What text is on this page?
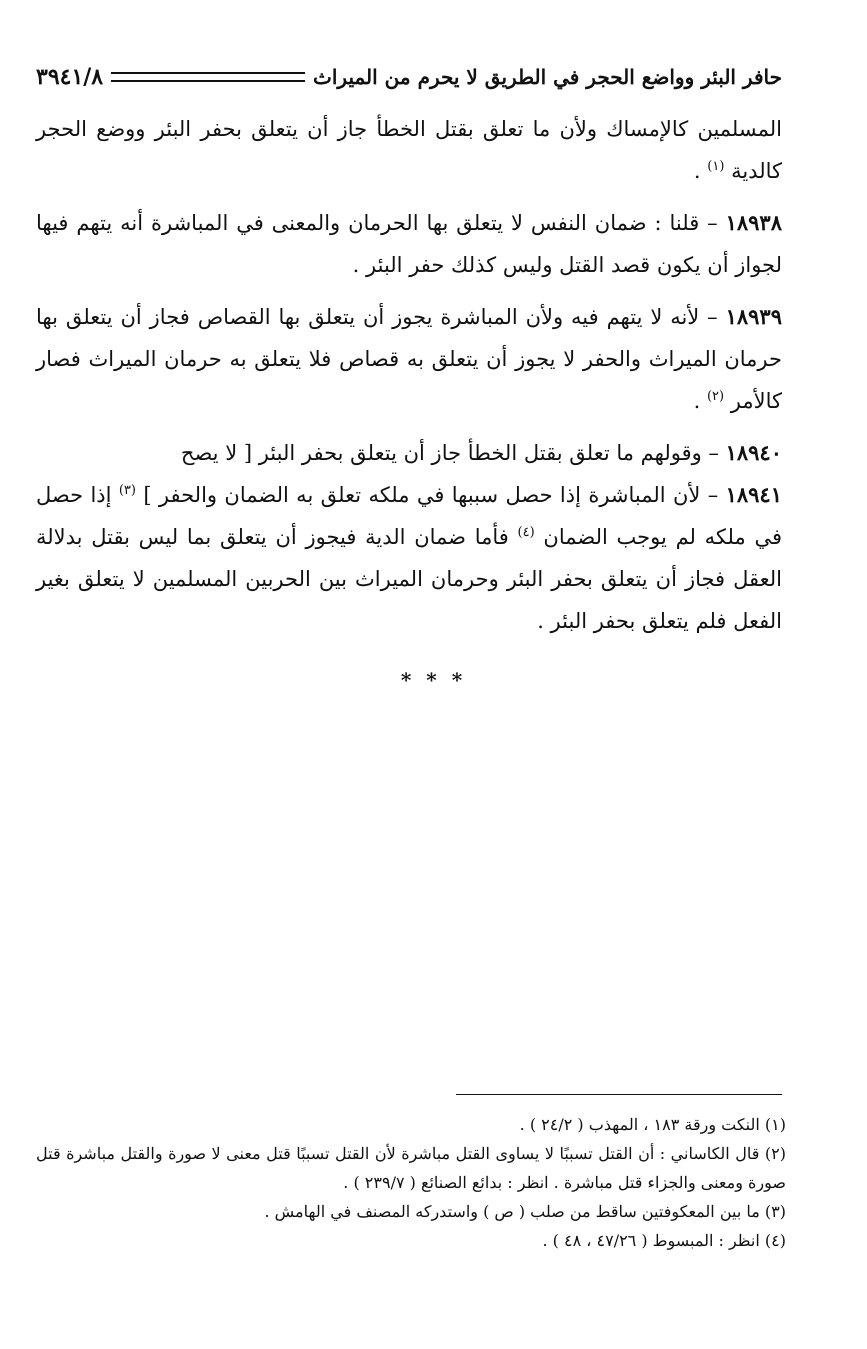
حافر البئر وواضع الحجر في الطريق لا يحرم من الميراث
٣٩٤١/٨

المسلمين كالإمساك ولأن ما تعلق بقتل الخطأ جاز أن يتعلق بحفر البئر ووضع الحجر كالدية $^{(١)}$ .

١٨٩٣٨ – قلنا : ضمان النفس لا يتعلق بها الحرمان والمعنى في المباشرة أنه يتهم فيها لجواز أن يكون قصد القتل وليس كذلك حفر البئر .

١٨٩٣٩ – لأنه لا يتهم فيه ولأن المباشرة يجوز أن يتعلق بها القصاص فجاز أن يتعلق بها حرمان الميراث والحفر لا يجوز أن يتعلق به قصاص فلا يتعلق به حرمان الميراث فصار كالأمر $^{(٢)}$ .

١٨٩٤٠ – وقولهم ما تعلق بقتل الخطأ جاز أن يتعلق بحفر البئر [ لا يصح

١٨٩٤١ – لأن المباشرة إذا حصل سببها في ملكه تعلق به الضمان والحفر ] $^{(٣)}$ إذا حصل في ملكه لم يوجب الضمان $^{(٤)}$ فأما ضمان الدية فيجوز أن يتعلق بما ليس بقتل بدلالة العقل فجاز أن يتعلق بحفر البئر وحرمان الميراث بين الحربين المسلمين لا يتعلق بغير الفعل فلم يتعلق بحفر البئر .

* * *

(١) النكت ورقة ١٨٣ ، المهذب ( ٢٤/٢ ) .

(٢) قال الكاساني : أن القتل تسببًا لا يساوى القتل مباشرة لأن القتل تسببًا قتل معنى لا صورة والقتل مباشرة قتل صورة ومعنى والجزاء قتل مباشرة . انظر : بدائع الصنائع ( ٢٣٩/٧ ) .

(٣) ما بين المعكوفتين ساقط من صلب ( ص ) واستدركه المصنف في الهامش .

(٤) انظر : المبسوط ( ٤٧/٢٦ ، ٤٨ ) .
